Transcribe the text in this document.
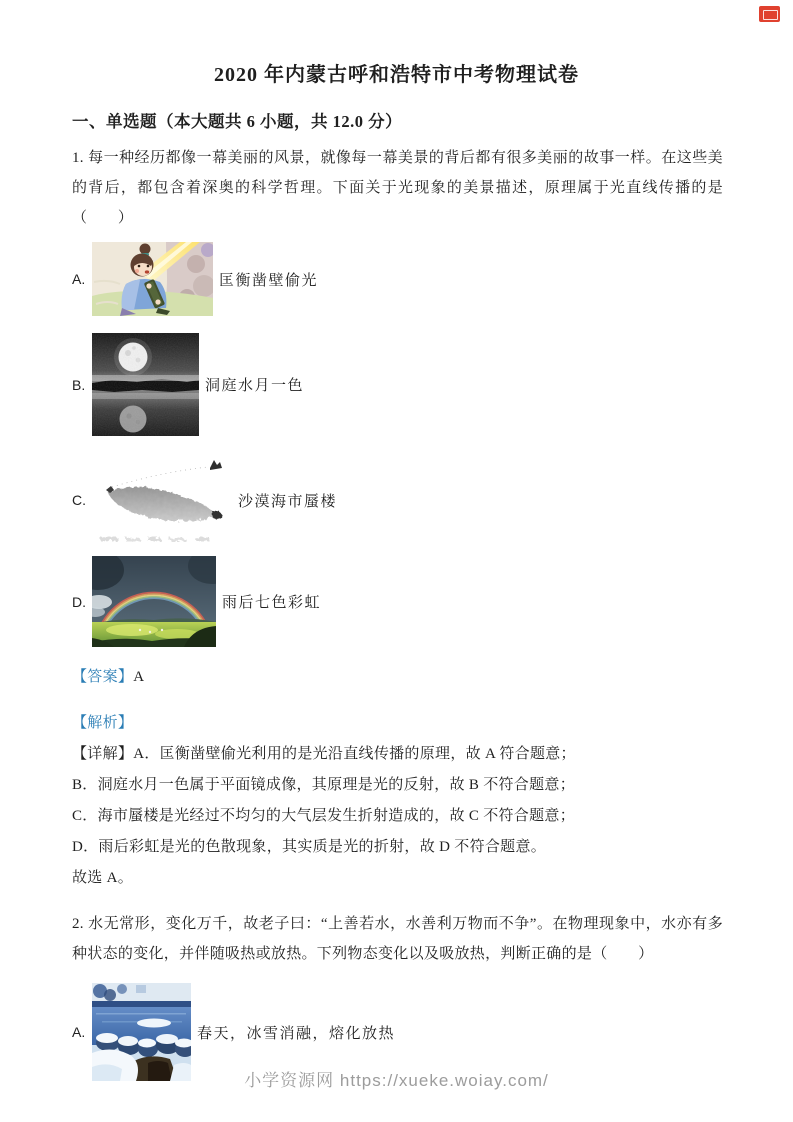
2020 年内蒙古呼和浩特市中考物理试卷
一、单选题（本大题共 6 小题，共 12.0 分）

1. 每一种经历都像一幕美丽的风景，就像每一幕美景的背后都有很多美丽的故事一样。在这些美的背后，都包含着深奥的科学哲理。下面关于光现象的美景描述，原理属于光直线传播的是（　　）

A.	匡衡凿壁偷光
B.	洞庭水月一色
C.	沙漠海市蜃楼
D.	雨后七色彩虹

【答案】A

【解析】

【详解】A．匡衡凿壁偷光利用的是光沿直线传播的原理，故 A 符合题意；

B．洞庭水月一色属于平面镜成像，其原理是光的反射，故 B 不符合题意；

C．海市蜃楼是光经过不均匀的大气层发生折射造成的，故 C 不符合题意；

D．雨后彩虹是光的色散现象，其实质是光的折射，故 D 不符合题意。

故选 A。

2. 水无常形，变化万千，故老子曰：“上善若水，水善利万物而不争”。在物理现象中，水亦有多种状态的变化，并伴随吸热或放热。下列物态变化以及吸放热，判断正确的是（　　）

A.	春天，冰雪消融，熔化放热
小学资源网 https://xueke.woiay.com/
